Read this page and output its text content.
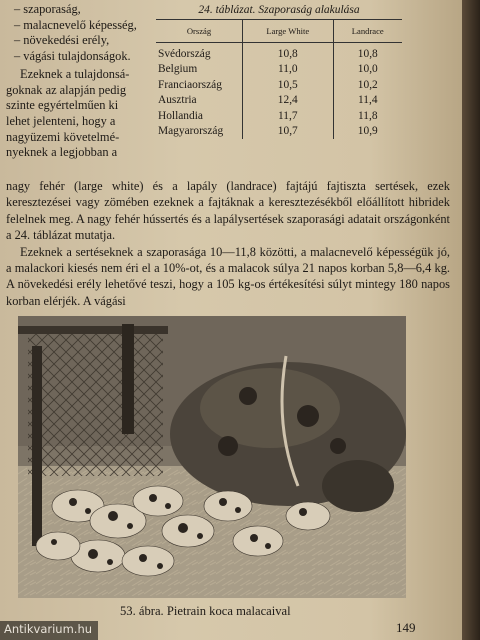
– szaporaság,

– malacnevelő képesség,

– növekedési erély,

– vágási tulajdonságok.

Ezeknek a tulajdonsá-
goknak az alapján pedig
szinte egyértelműen ki
lehet jelenteni, hogy a
nagyüzemi követelmé-
nyeknek a legjobban a
24. táblázat. Szaporaság alakulása
Ország	Large White	Landrace
Svédország	10,8	10,8
Belgium	11,0	10,0
Franciaország	10,5	10,2
Ausztria	12,4	11,4
Hollandia	11,7	11,8
Magyarország	10,7	10,9

nagy fehér (large white) és a lapály (landrace) fajtájú fajtiszta sertések, ezek keresztezései vagy zömében ezeknek a fajtáknak a keresztezésékből előállított hibridek felelnek meg. A nagy fehér hússertés és a lapálysertések szaporasági adatait országonként a 24. táblázat mutatja.

Ezeknek a sertéseknek a szaporasága 10—11,8 közötti, a malacnevelő képességük jó, a malackori kiesés nem éri el a 10%-ot, és a malacok súlya 21 napos korban 5,8—6,4 kg. A növekedési erély lehetővé teszi, hogy a 105 kg-os értékesítési súlyt mintegy 180 napos korban elérjék. A vágási

53. ábra. Pietrain koca malacaival
149
Antikvarium.hu
